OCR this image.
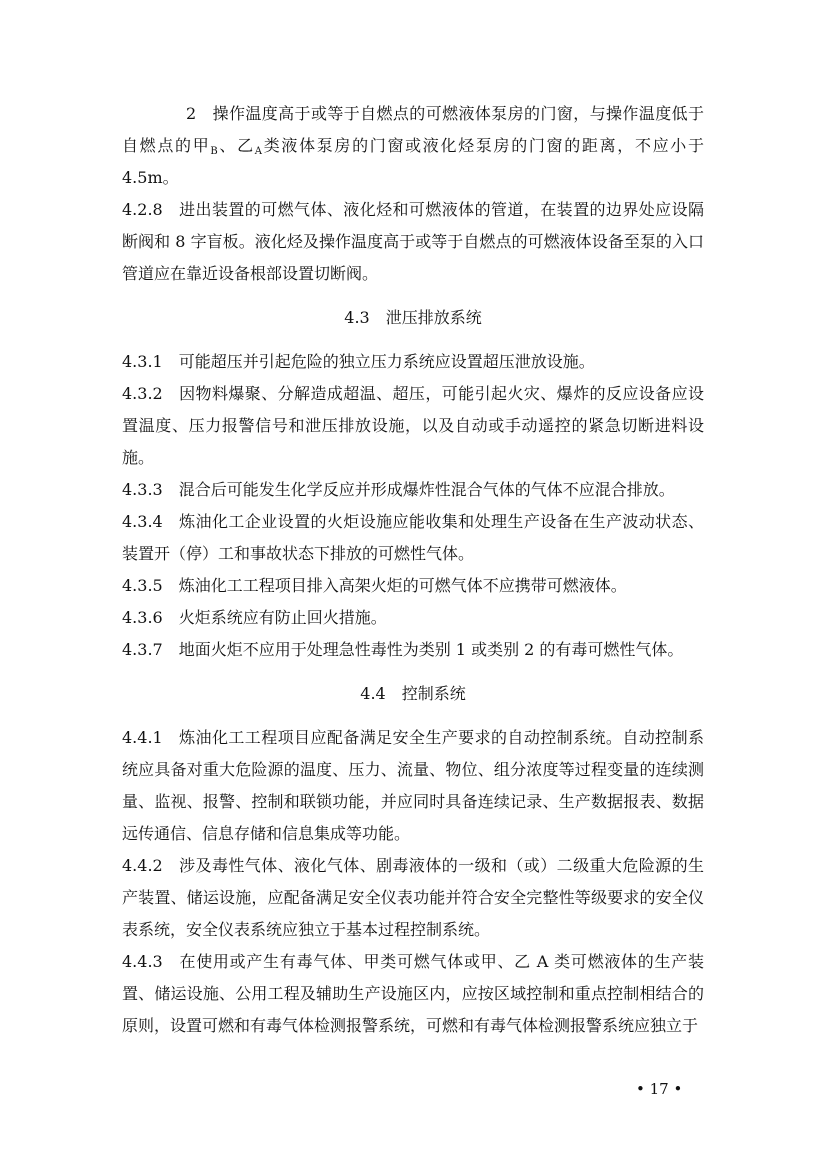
2 操作温度高于或等于自燃点的可燃液体泵房的门窗，与操作温度低于自燃点的甲$_B$、乙$_A$类液体泵房的门窗或液化烃泵房的门窗的距离，不应小于 4.5m。

4.2.8 进出装置的可燃气体、液化烃和可燃液体的管道，在装置的边界处应设隔断阀和 8 字盲板。液化烃及操作温度高于或等于自燃点的可燃液体设备至泵的入口管道应在靠近设备根部设置切断阀。

4.3 泄压排放系统

4.3.1 可能超压并引起危险的独立压力系统应设置超压泄放设施。

4.3.2 因物料爆聚、分解造成超温、超压，可能引起火灾、爆炸的反应设备应设置温度、压力报警信号和泄压排放设施，以及自动或手动遥控的紧急切断进料设施。

4.3.3 混合后可能发生化学反应并形成爆炸性混合气体的气体不应混合排放。

4.3.4 炼油化工企业设置的火炬设施应能收集和处理生产设备在生产波动状态、装置开（停）工和事故状态下排放的可燃性气体。

4.3.5 炼油化工工程项目排入高架火炬的可燃气体不应携带可燃液体。

4.3.6 火炬系统应有防止回火措施。

4.3.7 地面火炬不应用于处理急性毒性为类别 1 或类别 2 的有毒可燃性气体。

4.4 控制系统

4.4.1 炼油化工工程项目应配备满足安全生产要求的自动控制系统。自动控制系统应具备对重大危险源的温度、压力、流量、物位、组分浓度等过程变量的连续测量、监视、报警、控制和联锁功能，并应同时具备连续记录、生产数据报表、数据远传通信、信息存储和信息集成等功能。

4.4.2 涉及毒性气体、液化气体、剧毒液体的一级和（或）二级重大危险源的生产装置、储运设施，应配备满足安全仪表功能并符合安全完整性等级要求的安全仪表系统，安全仪表系统应独立于基本过程控制系统。

4.4.3 在使用或产生有毒气体、甲类可燃气体或甲、乙 A 类可燃液体的生产装置、储运设施、公用工程及辅助生产设施区内，应按区域控制和重点控制相结合的原则，设置可燃和有毒气体检测报警系统，可燃和有毒气体检测报警系统应独立于

• 17 •
